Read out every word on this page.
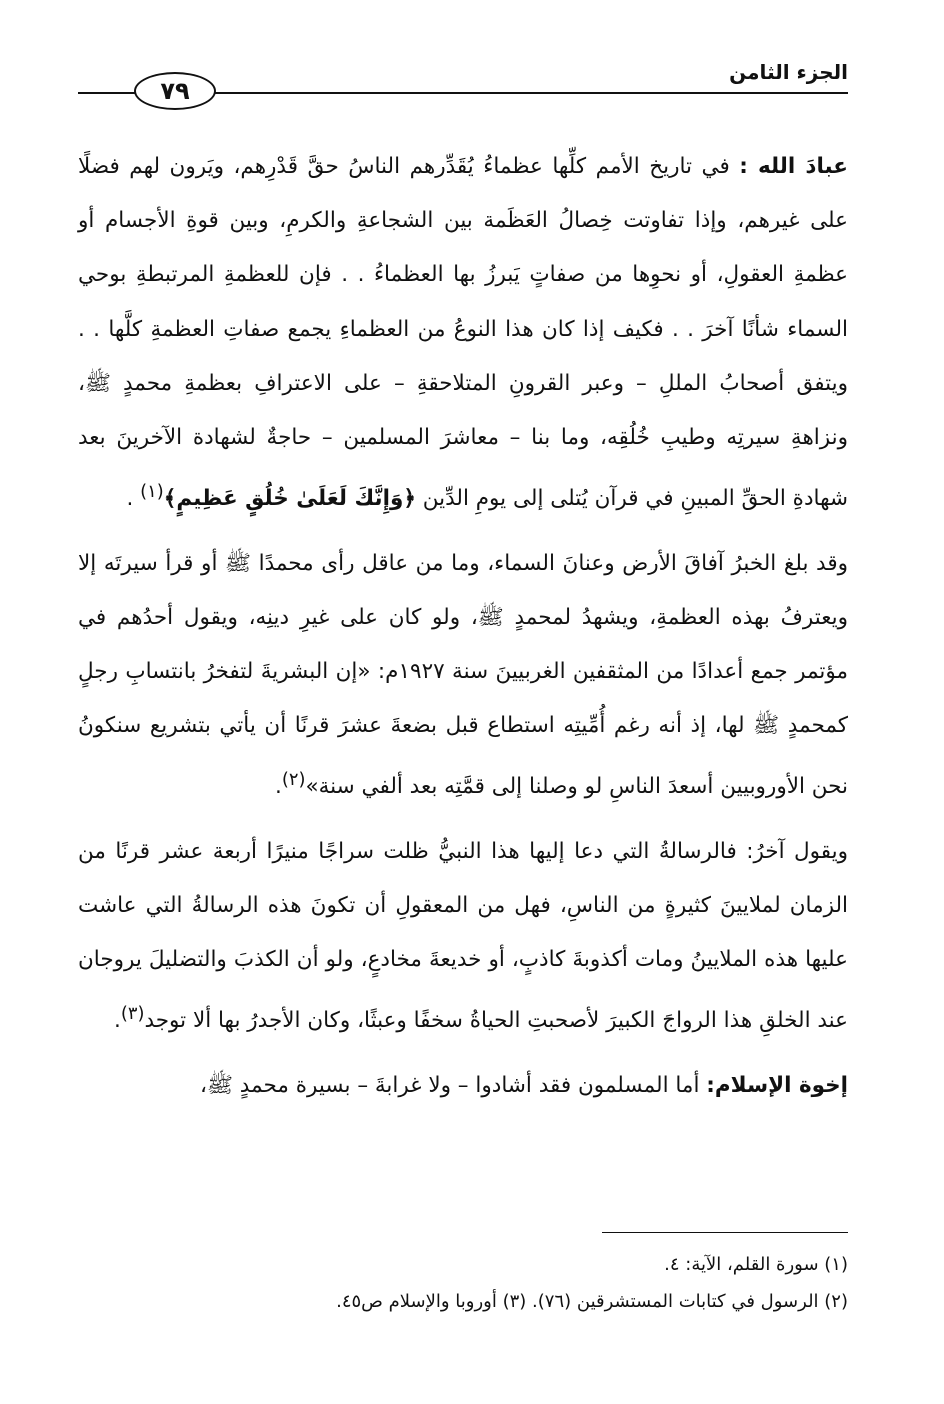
الجزء الثامن
٧٩

عبادَ الله : في تاريخ الأمم كلِّها عظماءُ يُقَدِّرهم الناسُ حقَّ قَدْرِهم، ويَرون لهم فضلًا على غيرهم، وإذا تفاوتت خِصالُ العَظَمة بين الشجاعةِ والكرمِ، وبين قوةِ الأجسام أو عظمةِ العقولِ، أو نحوِها من صفاتٍ يَبرزُ بها العظماءُ . . فإن للعظمةِ المرتبطةِ بوحي السماء شأنًا آخرَ . . فكيف إذا كان هذا النوعُ من العظماءِ يجمع صفاتِ العظمةِ كلَّها . . ويتفق أصحابُ المللِ – وعبر القرونِ المتلاحقةِ – على الاعترافِ بعظمةِ محمدٍ ﷺ، ونزاهةِ سيرتِه وطيبِ خُلُقِه، وما بنا – معاشرَ المسلمين – حاجةٌ لشهادة الآخرينَ بعد شهادةِ الحقِّ المبينِ في قرآن يُتلى إلى يومِ الدِّين ﴿وَإِنَّكَ لَعَلَىٰ خُلُقٍ عَظِيمٍ﴾$^{(١)}$ .

وقد بلغ الخبرُ آفاقَ الأرض وعنانَ السماء، وما من عاقل رأى محمدًا ﷺ أو قرأ سيرتَه إلا ويعترفُ بهذه العظمةِ، ويشهدُ لمحمدٍ ﷺ، ولو كان على غيرِ دينِه، ويقول أحدُهم في مؤتمر جمع أعدادًا من المثقفين الغربيينَ سنة ١٩٢٧م: «إن البشريةَ لتفخرُ بانتسابِ رجلٍ كمحمدٍ ﷺ لها، إذ أنه رغم أُمِّيتِه استطاع قبل بضعةَ عشرَ قرنًا أن يأتي بتشريع سنكونُ نحن الأوروبيين أسعدَ الناسِ لو وصلنا إلى قمَّتِه بعد ألفي سنة»$^{(٢)}$.

ويقول آخرُ: فالرسالةُ التي دعا إليها هذا النبيُّ ظلت سراجًا منيرًا أربعة عشر قرنًا من الزمان لملايينَ كثيرةٍ من الناسِ، فهل من المعقولِ أن تكونَ هذه الرسالةُ التي عاشت عليها هذه الملايينُ ومات أكذوبةَ كاذبٍ، أو خديعةَ مخادعٍ، ولو أن الكذبَ والتضليلَ يروجان عند الخلقِ هذا الرواجَ الكبيرَ لأصحبتِ الحياةُ سخفًا وعبثًا، وكان الأجدرُ بها ألا توجد$^{(٣)}$.

إخوة الإسلام: أما المسلمون فقد أشادوا – ولا غرابةَ – بسيرة محمدٍ ﷺ،

(١) سورة القلم، الآية: ٤.

(٢) الرسول في كتابات المستشرقين (٧٦). (٣) أوروبا والإسلام ص٤٥.
